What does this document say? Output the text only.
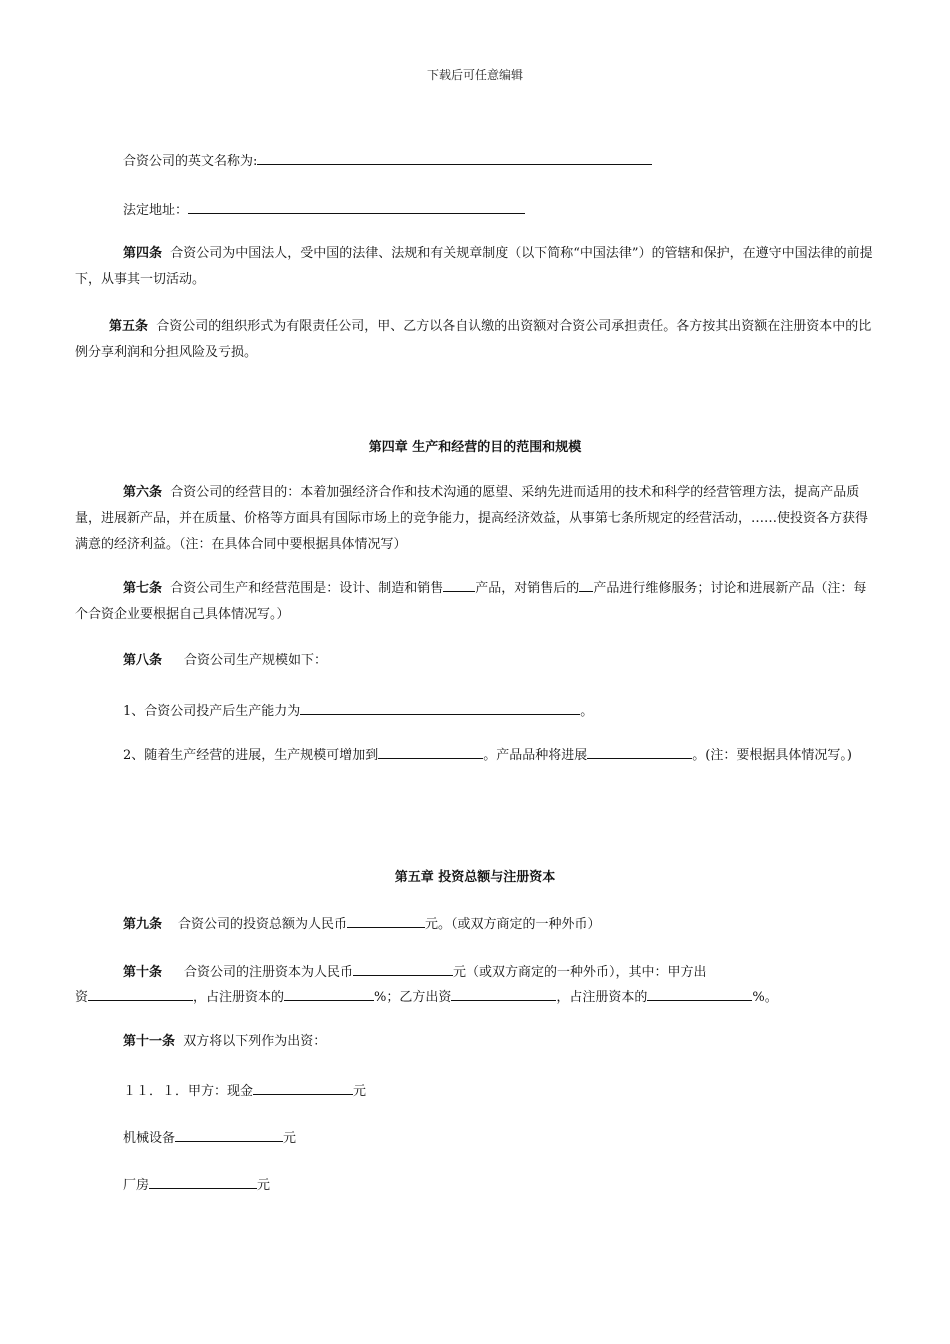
下载后可任意编辑
合资公司的英文名称为:
法定地址：
第四条 合资公司为中国法人，受中国的法律、法规和有关规章制度（以下简称“中国法律”）的管辖和保护，在遵守中国法律的前提下，从事其一切活动。
第五条 合资公司的组织形式为有限责任公司，甲、乙方以各自认缴的出资额对合资公司承担责任。各方按其出资额在注册资本中的比例分享利润和分担风险及亏损。
第四章 生产和经营的目的范围和规模
第六条 合资公司的经营目的：本着加强经济合作和技术沟通的愿望、采纳先进而适用的技术和科学的经营管理方法，提高产品质量，进展新产品，并在质量、价格等方面具有国际市场上的竞争能力，提高经济效益，从事第七条所规定的经营活动，……使投资各方获得满意的经济利益。（注：在具体合同中要根据具体情况写）
第七条 合资公司生产和经营范围是：设计、制造和销售 产品，对销售后的 产品进行维修服务；讨论和进展新产品（注：每个合资企业要根据自己具体情况写。）
第八条 合资公司生产规模如下：
1、合资公司投产后生产能力为	。
2、随着生产经营的进展，生产规模可增加到	。产品品种将进展	。(注：要根据具体情况写。)
第五章 投资总额与注册资本
第九条 合资公司的投资总额为人民币	元。（或双方商定的一种外币）
第十条 合资公司的注册资本为人民币	元（或双方商定的一种外币），其中：甲方出
资	，占注册资本的	%；乙方出资	，占注册资本的	%。
第十一条 双方将以下列作为出资：
１１．１．甲方：现金	元
机械设备	元
厂房	元
